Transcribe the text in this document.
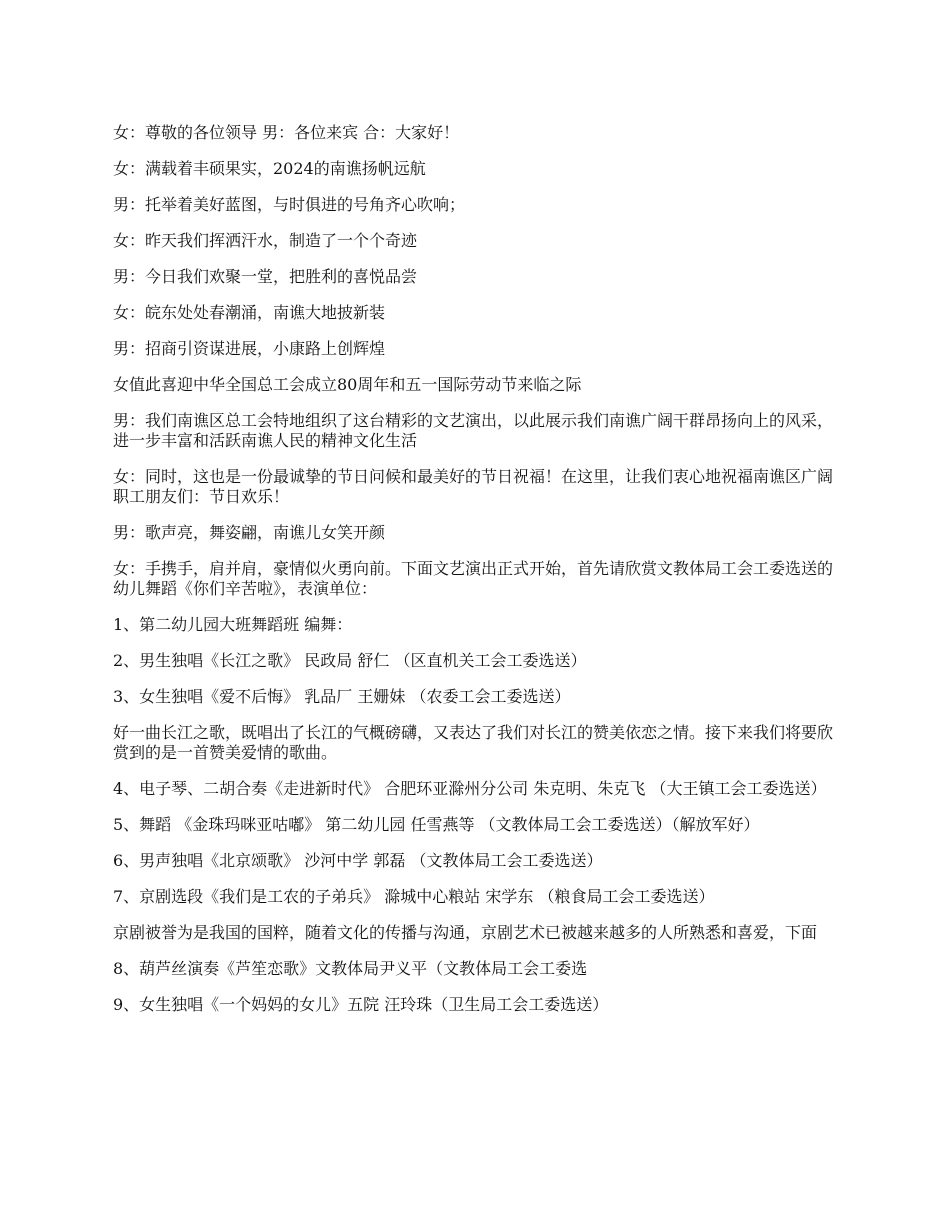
女：尊敬的各位领导 男：各位来宾 合：大家好！

女：满载着丰硕果实，2024的南谯扬帆远航

男：托举着美好蓝图，与时俱进的号角齐心吹响；

女：昨天我们挥洒汗水，制造了一个个奇迹

男：今日我们欢聚一堂，把胜利的喜悦品尝

女：皖东处处春潮涌，南谯大地披新装

男：招商引资谋进展，小康路上创辉煌

女值此喜迎中华全国总工会成立80周年和五一国际劳动节来临之际

男：我们南谯区总工会特地组织了这台精彩的文艺演出，以此展示我们南谯广阔干群昂扬向上的风采，进一步丰富和活跃南谯人民的精神文化生活

女：同时，这也是一份最诚挚的节日问候和最美好的节日祝福！在这里，让我们衷心地祝福南谯区广阔职工朋友们：节日欢乐！

男：歌声亮，舞姿翩，南谯儿女笑开颜

女：手携手，肩并肩，豪情似火勇向前。下面文艺演出正式开始，首先请欣赏文教体局工会工委选送的幼儿舞蹈《你们辛苦啦》，表演单位：

1、第二幼儿园大班舞蹈班 编舞：

2、男生独唱《长江之歌》 民政局 舒仁 （区直机关工会工委选送）

3、女生独唱《爱不后悔》 乳品厂 王姗妹 （农委工会工委选送）

好一曲长江之歌，既唱出了长江的气概磅礴，又表达了我们对长江的赞美依恋之情。接下来我们将要欣赏到的是一首赞美爱情的歌曲。

4、电子琴、二胡合奏《走进新时代》 合肥环亚滁州分公司 朱克明、朱克飞 （大王镇工会工委选送）

5、舞蹈 《金珠玛咪亚咕嘟》 第二幼儿园 任雪燕等 （文教体局工会工委选送）（解放军好）

6、男声独唱《北京颂歌》 沙河中学 郭磊 （文教体局工会工委选送）

7、京剧选段《我们是工农的子弟兵》 滁城中心粮站 宋学东 （粮食局工会工委选送）

京剧被誉为是我国的国粹，随着文化的传播与沟通，京剧艺术已被越来越多的人所熟悉和喜爱，下面

8、葫芦丝演奏《芦笙恋歌》文教体局尹义平（文教体局工会工委选

9、女生独唱《一个妈妈的女儿》五院 汪玲珠（卫生局工会工委选送）
